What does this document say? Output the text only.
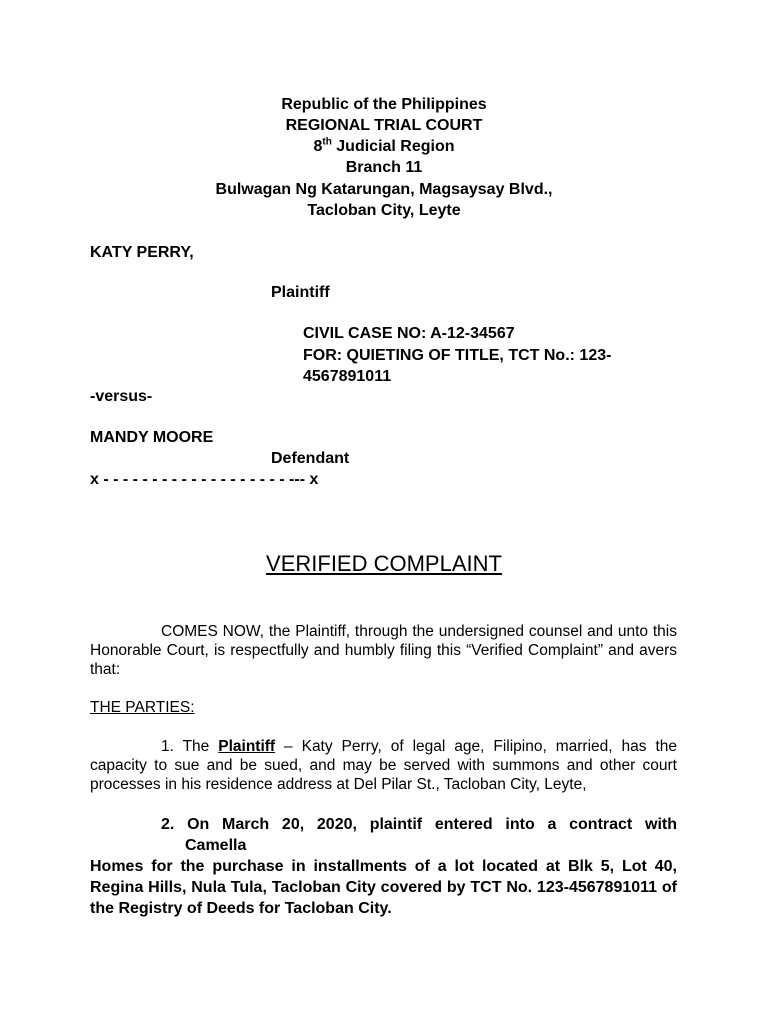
Republic of the Philippines
REGIONAL TRIAL COURT
8th Judicial Region
Branch 11
Bulwagan Ng Katarungan, Magsaysay Blvd.,
Tacloban City, Leyte
KATY PERRY,
Plaintiff
CIVIL CASE NO: A-12-34567
FOR: QUIETING OF TITLE, TCT No.: 123-
4567891011
-versus-
MANDY MOORE
Defendant
x - - - - - - - - - - - - - - - - - - - --- x
VERIFIED COMPLAINT
COMES NOW, the Plaintiff, through the undersigned counsel and unto this Honorable Court, is respectfully and humbly filing this “Verified Complaint” and avers that:
THE PARTIES:
1. The Plaintiff – Katy Perry, of legal age, Filipino, married, has the capacity to sue and be sued, and may be served with summons and other court processes in his residence address at Del Pilar St., Tacloban City, Leyte,
2. On March 20, 2020, plaintif entered into a contract with
Camella
Homes for the purchase in installments of a lot located at Blk 5, Lot 40, Regina Hills, Nula Tula, Tacloban City covered by TCT No. 123-4567891011 of the Registry of Deeds for Tacloban City.
